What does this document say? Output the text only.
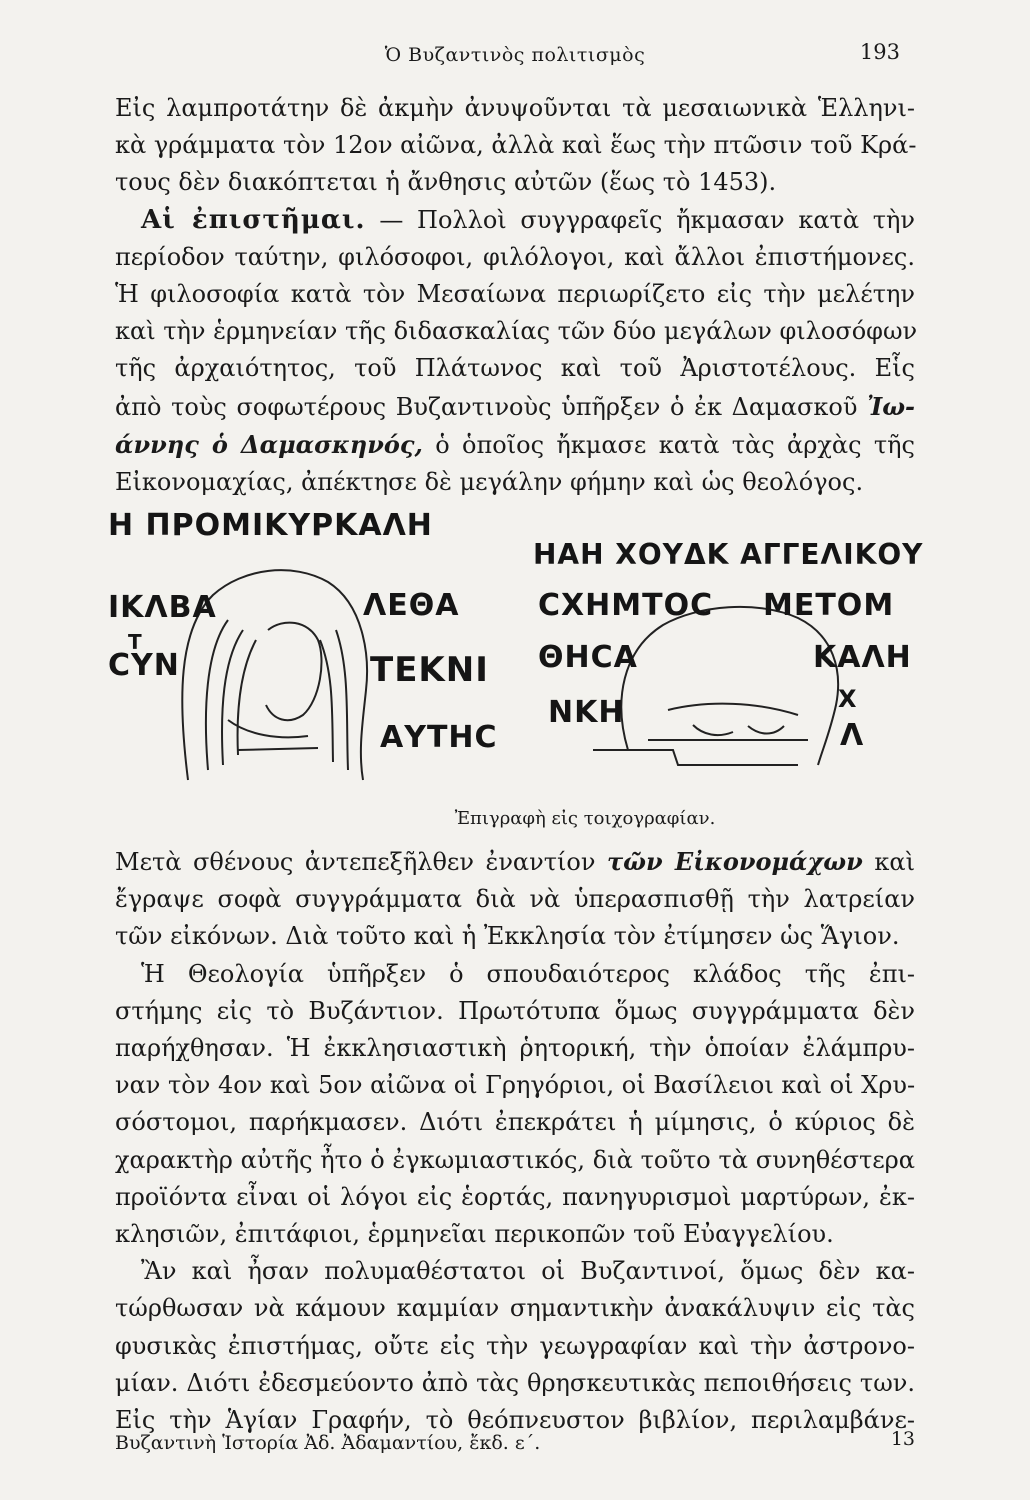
Ὁ Βυζαντινὸς πολιτισμὸς	193
Εἰς λαμπροτάτην δὲ ἀκμὴν ἀνυψοῦνται τὰ μεσαιωνικὰ Ἑλληνι-
κὰ γράμματα τὸν 12ον αἰῶνα, ἀλλὰ καὶ ἕως τὴν πτῶσιν τοῦ Κρά-
τους δὲν διακόπτεται ἡ ἄνθησις αὐτῶν (ἕως τὸ 1453).
Αἱ ἐπιστῆμαι. — Πολλοὶ συγγραφεῖς ἤκμασαν κατὰ τὴν
περίοδον ταύτην, φιλόσοφοι, φιλόλογοι, καὶ ἄλλοι ἐπιστήμονες.
Ἡ φιλοσοφία κατὰ τὸν Μεσαίωνα περιωρίζετο εἰς τὴν μελέτην
καὶ τὴν ἑρμηνείαν τῆς διδασκαλίας τῶν δύο μεγάλων φιλοσόφων
τῆς ἀρχαιότητος, τοῦ Πλάτωνος καὶ τοῦ Ἀριστοτέλους. Εἷς
ἀπὸ τοὺς σοφωτέρους Βυζαντινοὺς ὑπῆρξεν ὁ ἐκ Δαμασκοῦ Ἰω-
άννης ὁ Δαμασκηνός, ὁ ὁποῖος ἤκμασε κατὰ τὰς ἀρχὰς τῆς
Εἰκονομαχίας, ἀπέκτησε δὲ μεγάλην φήμην καὶ ὡς θεολόγος.
Η ΠΡΟΜΙΚΥΡΚΑΛΗ
ΙΚΛΒΑ	ΛΕΘΑ
Τ
ϹΥΝ	ΤΕΚΝΙ
ΑΥΤΗϹ
ΗΑΗ ΧΟΥΔΚ ΑΓΓΕΛΙΚΟΥ
ϹΧΗΜΤΟϹ ΜΕΤΟΜ
ΘΗϹΑ	ΚΑΛΗ
ΝΚΗ	Χ
Λ
Ἐπιγραφὴ εἰς τοιχογραφίαν.
Μετὰ σθένους ἀντεπεξῆλθεν ἐναντίον τῶν Εἰκονομάχων καὶ
ἔγραψε σοφὰ συγγράμματα διὰ νὰ ὑπερασπισθῇ τὴν λατρείαν
τῶν εἰκόνων. Διὰ τοῦτο καὶ ἡ Ἐκκλησία τὸν ἐτίμησεν ὡς Ἅγιον.
Ἡ Θεολογία ὑπῆρξεν ὁ σπουδαιότερος κλάδος τῆς ἐπι-
στήμης εἰς τὸ Βυζάντιον. Πρωτότυπα ὅμως συγγράμματα δὲν
παρήχθησαν. Ἡ ἐκκλησιαστικὴ ῥητορική, τὴν ὁποίαν ἐλάμπρυ-
ναν τὸν 4ον καὶ 5ον αἰῶνα οἱ Γρηγόριοι, οἱ Βασίλειοι καὶ οἱ Χρυ-
σόστομοι, παρήκμασεν. Διότι ἐπεκράτει ἡ μίμησις, ὁ κύριος δὲ
χαρακτὴρ αὐτῆς ἦτο ὁ ἐγκωμιαστικός, διὰ τοῦτο τὰ συνηθέστερα
προϊόντα εἶναι οἱ λόγοι εἰς ἑορτάς, πανηγυρισμοὶ μαρτύρων, ἐκ-
κλησιῶν, ἐπιτάφιοι, ἑρμηνεῖαι περικοπῶν τοῦ Εὐαγγελίου.
Ἂν καὶ ἦσαν πολυμαθέστατοι οἱ Βυζαντινοί, ὅμως δὲν κα-
τώρθωσαν νὰ κάμουν καμμίαν σημαντικὴν ἀνακάλυψιν εἰς τὰς
φυσικὰς ἐπιστήμας, οὔτε εἰς τὴν γεωγραφίαν καὶ τὴν ἀστρονο-
μίαν. Διότι ἐδεσμεύοντο ἀπὸ τὰς θρησκευτικὰς πεποιθήσεις των.
Εἰς τὴν Ἁγίαν Γραφήν, τὸ θεόπνευστον βιβλίον, περιλαμβάνε-
Βυζαντινὴ Ἱστορία Ἀδ. Ἀδαμαντίου, ἔκδ. ε΄.	13
